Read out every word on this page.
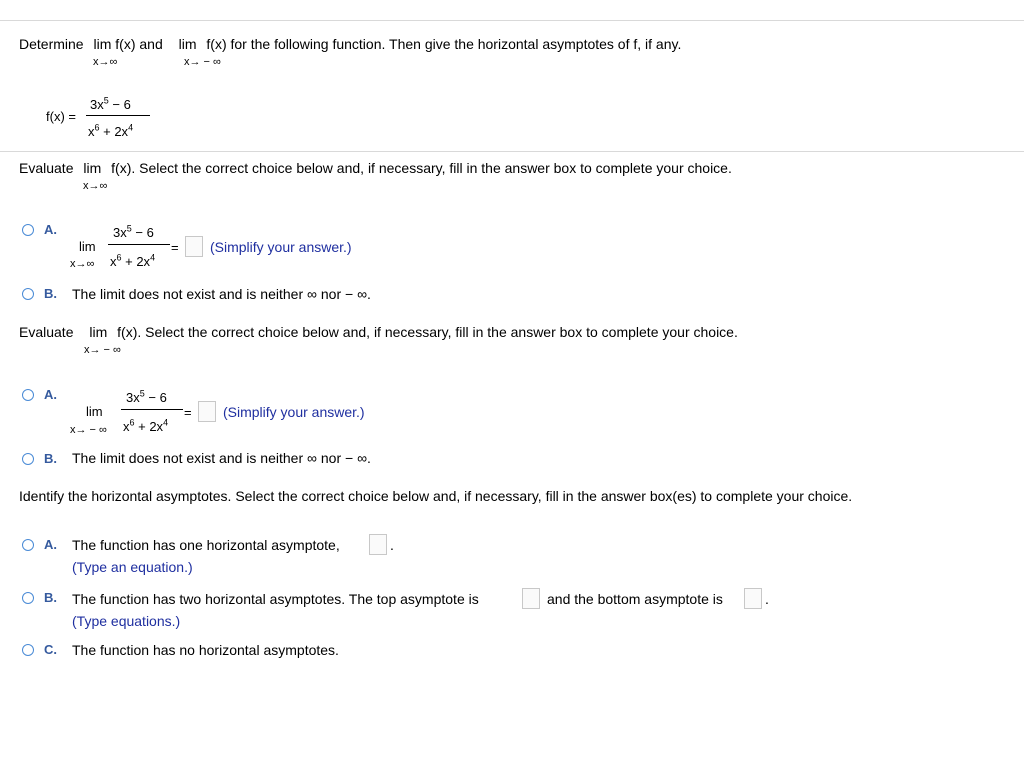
Determine lim f(x) and lim f(x) for the following function. Then give the horizontal asymptotes of f, if any.
x→∞	x→ − ∞
f(x) =
$3x^5 - 6$
$x^6 + 2x^4$
Evaluate lim f(x). Select the correct choice below and, if necessary, fill in the answer box to complete your choice.
x→∞
A.
lim
x→∞
$3x^5 - 6$
$x^6 + 2x^4$
= (Simplify your answer.)
B. The limit does not exist and is neither ∞ nor − ∞.
Evaluate lim f(x). Select the correct choice below and, if necessary, fill in the answer box to complete your choice.
x→ − ∞
A.
lim
x→ − ∞
$3x^5 - 6$
$x^6 + 2x^4$
= (Simplify your answer.)
B. The limit does not exist and is neither ∞ nor − ∞.
Identify the horizontal asymptotes. Select the correct choice below and, if necessary, fill in the answer box(es) to complete your choice.
A. The function has one horizontal asymptote,	.
(Type an equation.)
B. The function has two horizontal asymptotes. The top asymptote is	and the bottom asymptote is	.
(Type equations.)
C. The function has no horizontal asymptotes.
